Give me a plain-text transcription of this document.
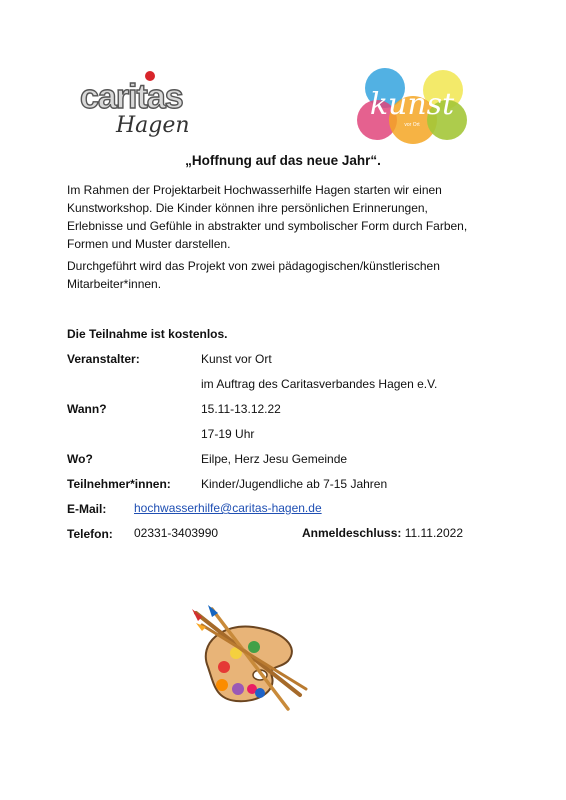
caritas
Hagen
kunst
vor Ort
„Hoffnung auf das neue Jahr“.

Im Rahmen der Projektarbeit Hochwasserhilfe Hagen starten wir einen Kunstworkshop. Die Kinder können ihre persönlichen Erinnerungen, Erlebnisse und Gefühle in abstrakter und symbolischer Form durch Farben, Formen und Muster darstellen.

Durchgeführt wird das Projekt von zwei pädagogischen/künstlerischen Mitarbeiter*innen.

Die Teilnahme ist kostenlos.
Veranstalter:	Kunst vor Ort
im Auftrag des Caritasverbandes Hagen e.V.
Wann?	15.11-13.12.22
17-19 Uhr
Wo?	Eilpe, Herz Jesu Gemeinde
Teilnehmer*innen:	Kinder/Jugendliche ab 7-15 Jahren
E-Mail: hochwasserhilfe@caritas-hagen.de
Telefon: 02331-3403990	Anmeldeschluss: 11.11.2022
